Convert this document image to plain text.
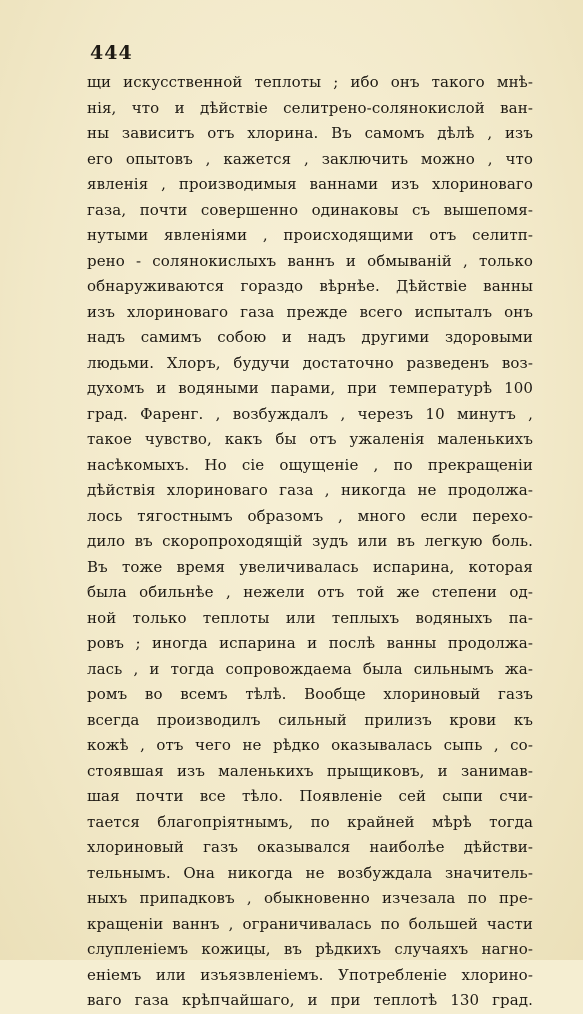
444
щи искусственной теплоты ; ибо онъ такого мнѣ-
нія, что и дѣйствіе селитрено-солянокислой ван-
ны зависитъ отъ хлорина. Въ самомъ дѣлѣ , изъ
его опытовъ , кажется , заключить можно , что
явленія , производимыя ваннами изъ хлориноваго
газа, почти совершенно одинаковы съ вышепомя-
нутыми явленіями , происходящими отъ селитп-
рено - солянокислыхъ ваннъ и обмываній , только
обнаруживаются гораздо вѣрнѣе. Дѣйствіе ванны
изъ хлориноваго газа прежде всего испыталъ онъ
надъ самимъ собою и надъ другими здоровыми
людьми. Хлоръ, будучи достаточно разведенъ воз-
духомъ и водяными парами, при температурѣ 100
град. Фаренг. , возбуждалъ , черезъ 10 минутъ ,
такое чувство, какъ бы отъ ужаленія маленькихъ
насѣкомыхъ. Но сіе ощущеніе , по прекращеніи
дѣйствія хлориноваго газа , никогда не продолжа-
лось тягостнымъ образомъ , много если перехо-
дило въ скоропроходящій зудъ или въ легкую боль.
Въ тоже время увеличивалась испарина, которая
была обильнѣе , нежели отъ той же степени од-
ной только теплоты или теплыхъ водяныхъ па-
ровъ ; иногда испарина и послѣ ванны продолжа-
лась , и тогда сопровождаема была сильнымъ жа-
ромъ во всемъ тѣлѣ. Вообще хлориновый газъ
всегда производилъ сильный прилизъ крови къ
кожѣ , отъ чего не рѣдко оказывалась сыпь , со-
стоявшая изъ маленькихъ прыщиковъ, и занимав-
шая почти все тѣло. Появленіе сей сыпи счи-
тается благопріятнымъ, по крайней мѣрѣ тогда
хлориновый газъ оказывался наиболѣе дѣйстви-
тельнымъ. Она никогда не возбуждала значитель-
ныхъ припадковъ , обыкновенно изчезала по пре-
кращеніи ваннъ , ограничивалась по большей части
слупленіемъ кожицы, въ рѣдкихъ случаяхъ нагно-
еніемъ или изъязвленіемъ. Употребленіе хлорино-
ваго газа крѣпчайшаго, и при теплотѣ 130 град.
